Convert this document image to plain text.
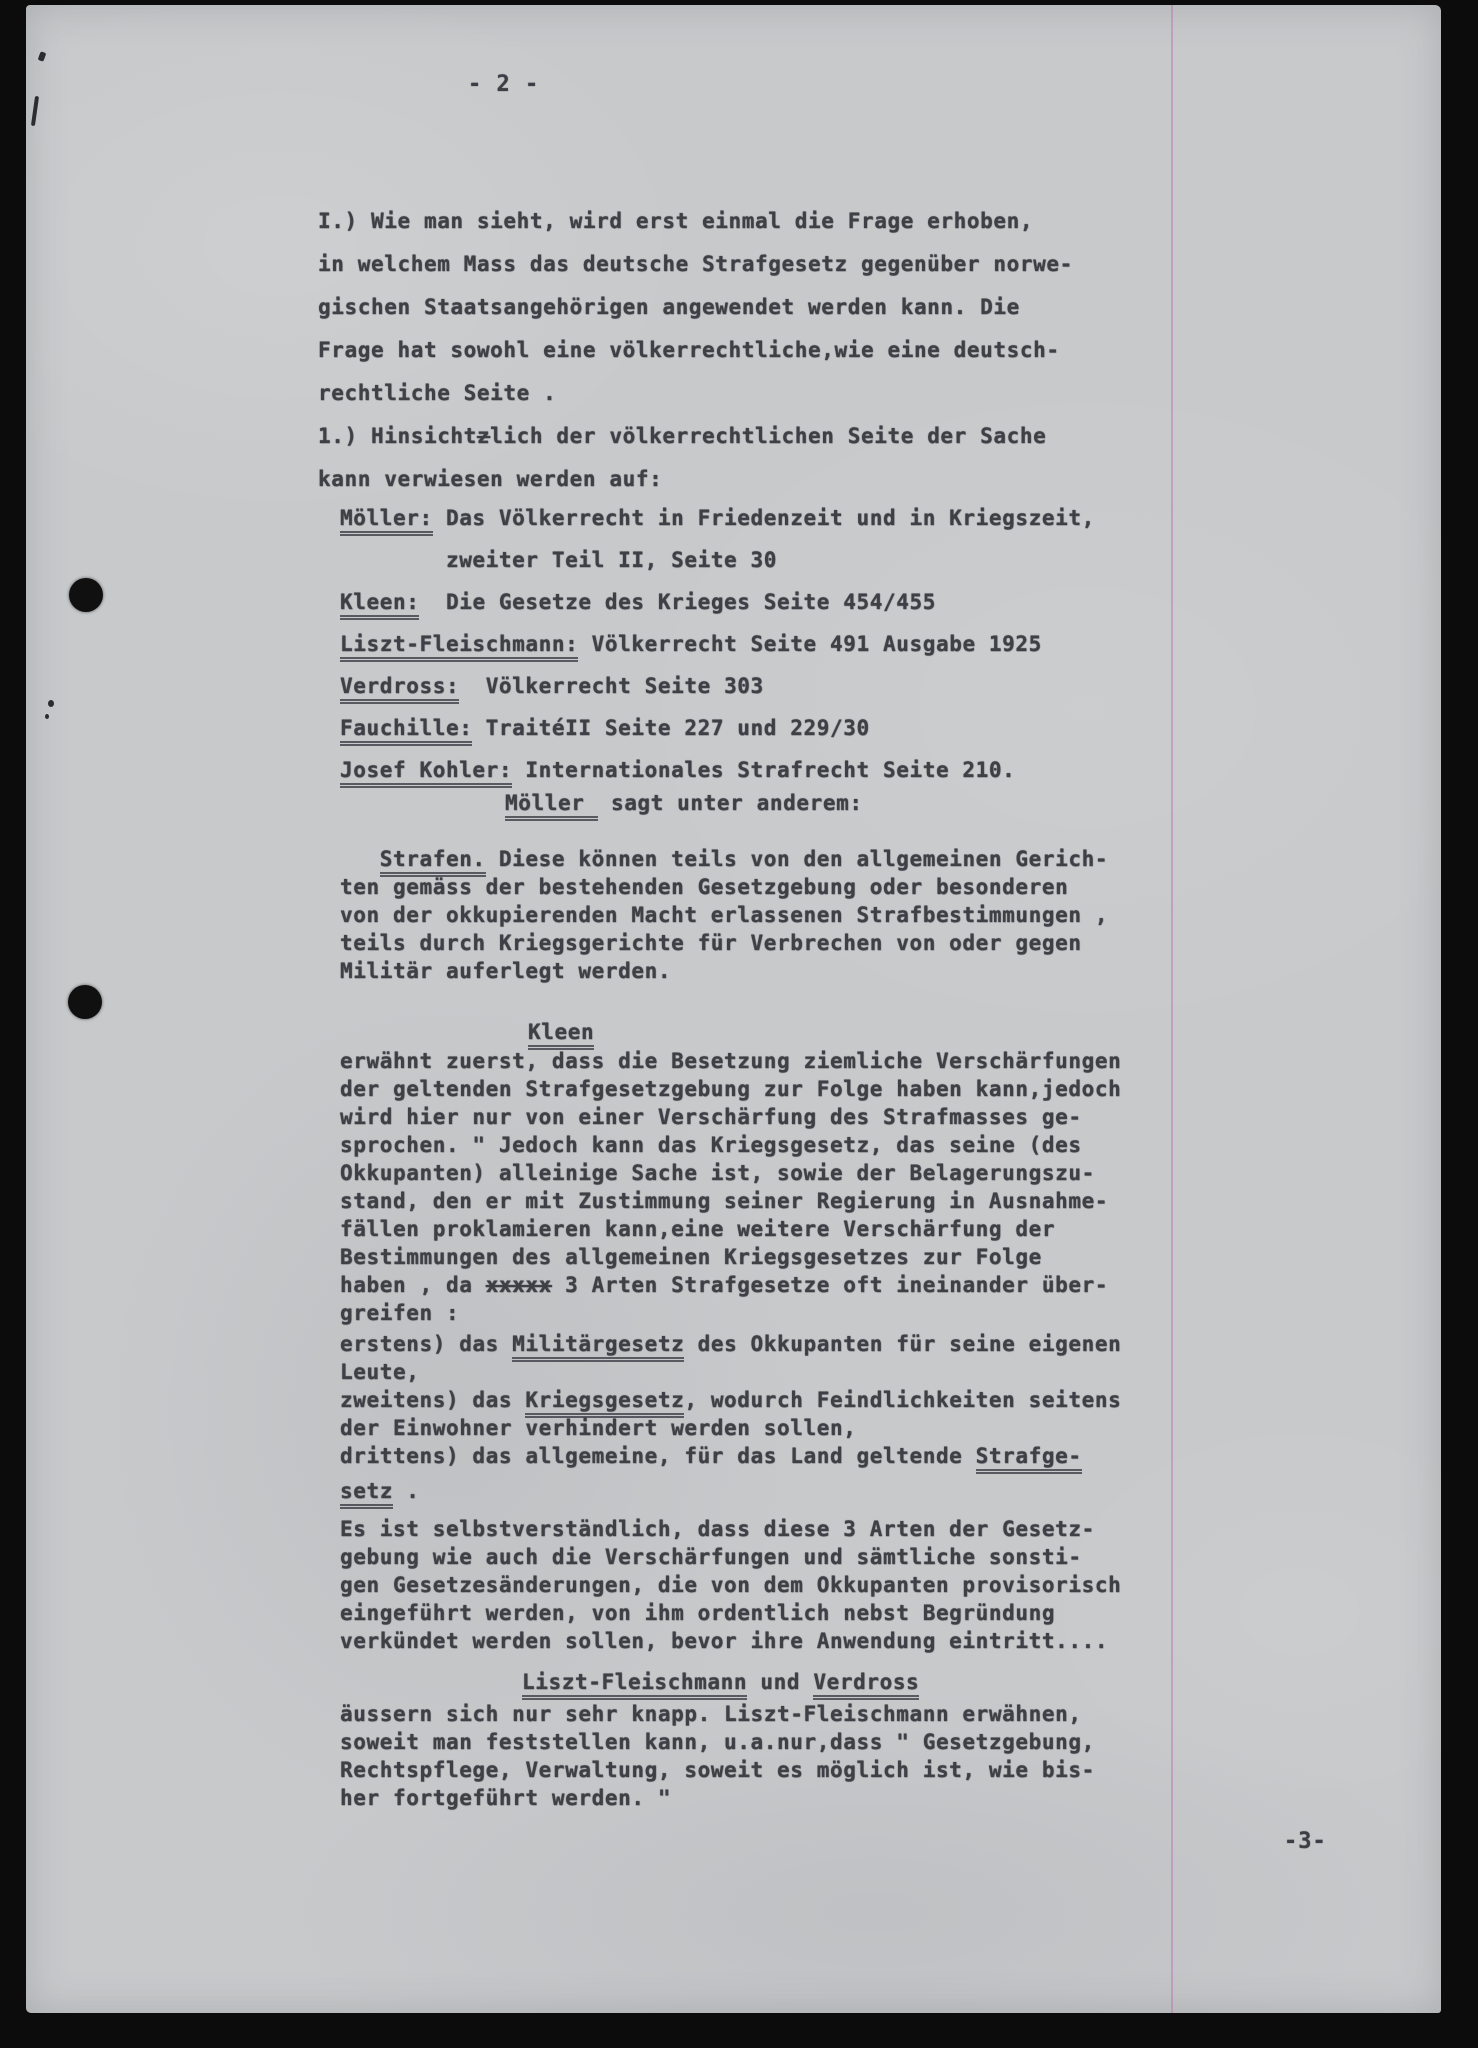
- 2 -
-3-
I.) Wie man sieht, wird erst einmal die Frage erhoben,
in welchem Mass das deutsche Strafgesetz gegenüber norwe-
gischen Staatsangehörigen angewendet werden kann. Die
Frage hat sowohl eine völkerrechtliche,wie eine deutsch-
rechtliche Seite .
1.) Hinsichtzlich der völkerrechtlichen Seite der Sache
kann verwiesen werden auf:
Möller: Das Völkerrecht in Friedenzeit und in Kriegszeit,
zweiter Teil II, Seite 30
Kleen:  Die Gesetze des Krieges Seite 454/455
Liszt-Fleischmann: Völkerrecht Seite 491 Ausgabe 1925
Verdross:  Völkerrecht Seite 303
Fauchille: TraitéII Seite 227 und 229/30
Josef Kohler: Internationales Strafrecht Seite 210.
Möller  sagt unter anderem:
Strafen. Diese können teils von den allgemeinen Gerich-
ten gemäss der bestehenden Gesetzgebung oder besonderen
von der okkupierenden Macht erlassenen Strafbestimmungen ,
teils durch Kriegsgerichte für Verbrechen von oder gegen
Militär auferlegt werden.
Kleen
erwähnt zuerst, dass die Besetzung ziemliche Verschärfungen
der geltenden Strafgesetzgebung zur Folge haben kann,jedoch
wird hier nur von einer Verschärfung des Strafmasses ge-
sprochen. " Jedoch kann das Kriegsgesetz, das seine (des
Okkupanten) alleinige Sache ist, sowie der Belagerungszu-
stand, den er mit Zustimmung seiner Regierung in Ausnahme-
fällen proklamieren kann,eine weitere Verschärfung der
Bestimmungen des allgemeinen Kriegsgesetzes zur Folge
haben , da xxxxx 3 Arten Strafgesetze oft ineinander über-
greifen :
erstens) das Militärgesetz des Okkupanten für seine eigenen
Leute,
zweitens) das Kriegsgesetz, wodurch Feindlichkeiten seitens
der Einwohner verhindert werden sollen,
drittens) das allgemeine, für das Land geltende Strafge-
setz .
Es ist selbstverständlich, dass diese 3 Arten der Gesetz-
gebung wie auch die Verschärfungen und sämtliche sonsti-
gen Gesetzesänderungen, die von dem Okkupanten provisorisch
eingeführt werden, von ihm ordentlich nebst Begründung
verkündet werden sollen, bevor ihre Anwendung eintritt....
Liszt-Fleischmann und Verdross
äussern sich nur sehr knapp. Liszt-Fleischmann erwähnen,
soweit man feststellen kann, u.a.nur,dass " Gesetzgebung,
Rechtspflege, Verwaltung, soweit es möglich ist, wie bis-
her fortgeführt werden. "
